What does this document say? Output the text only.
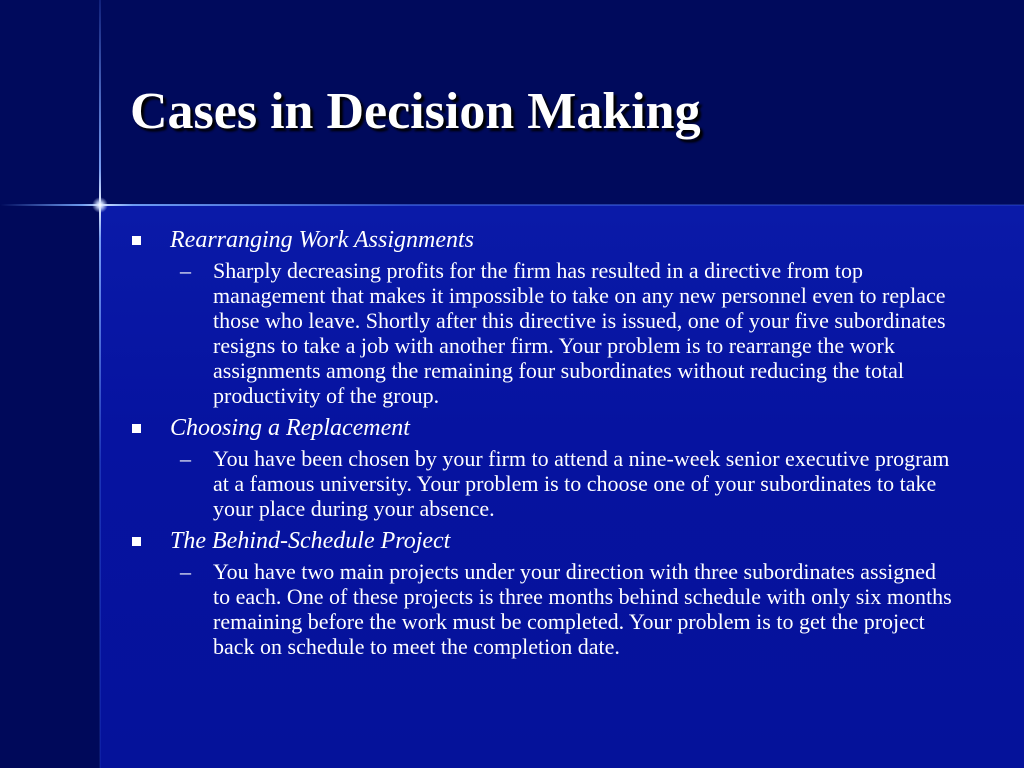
Cases in Decision Making
Rearranging Work Assignments
– Sharply decreasing profits for the firm has resulted in a directive from top management that makes it impossible to take on any new personnel even to replace those who leave. Shortly after this directive is issued, one of your five subordinates resigns to take a job with another firm. Your problem is to rearrange the work assignments among the remaining four subordinates without reducing the total productivity of the group.
Choosing a Replacement
– You have been chosen by your firm to attend a nine-week senior executive program at a famous university. Your problem is to choose one of your subordinates to take your place during your absence.
The Behind-Schedule Project
– You have two main projects under your direction with three subordinates assigned to each. One of these projects is three months behind schedule with only six months remaining before the work must be completed. Your problem is to get the project back on schedule to meet the completion date.
